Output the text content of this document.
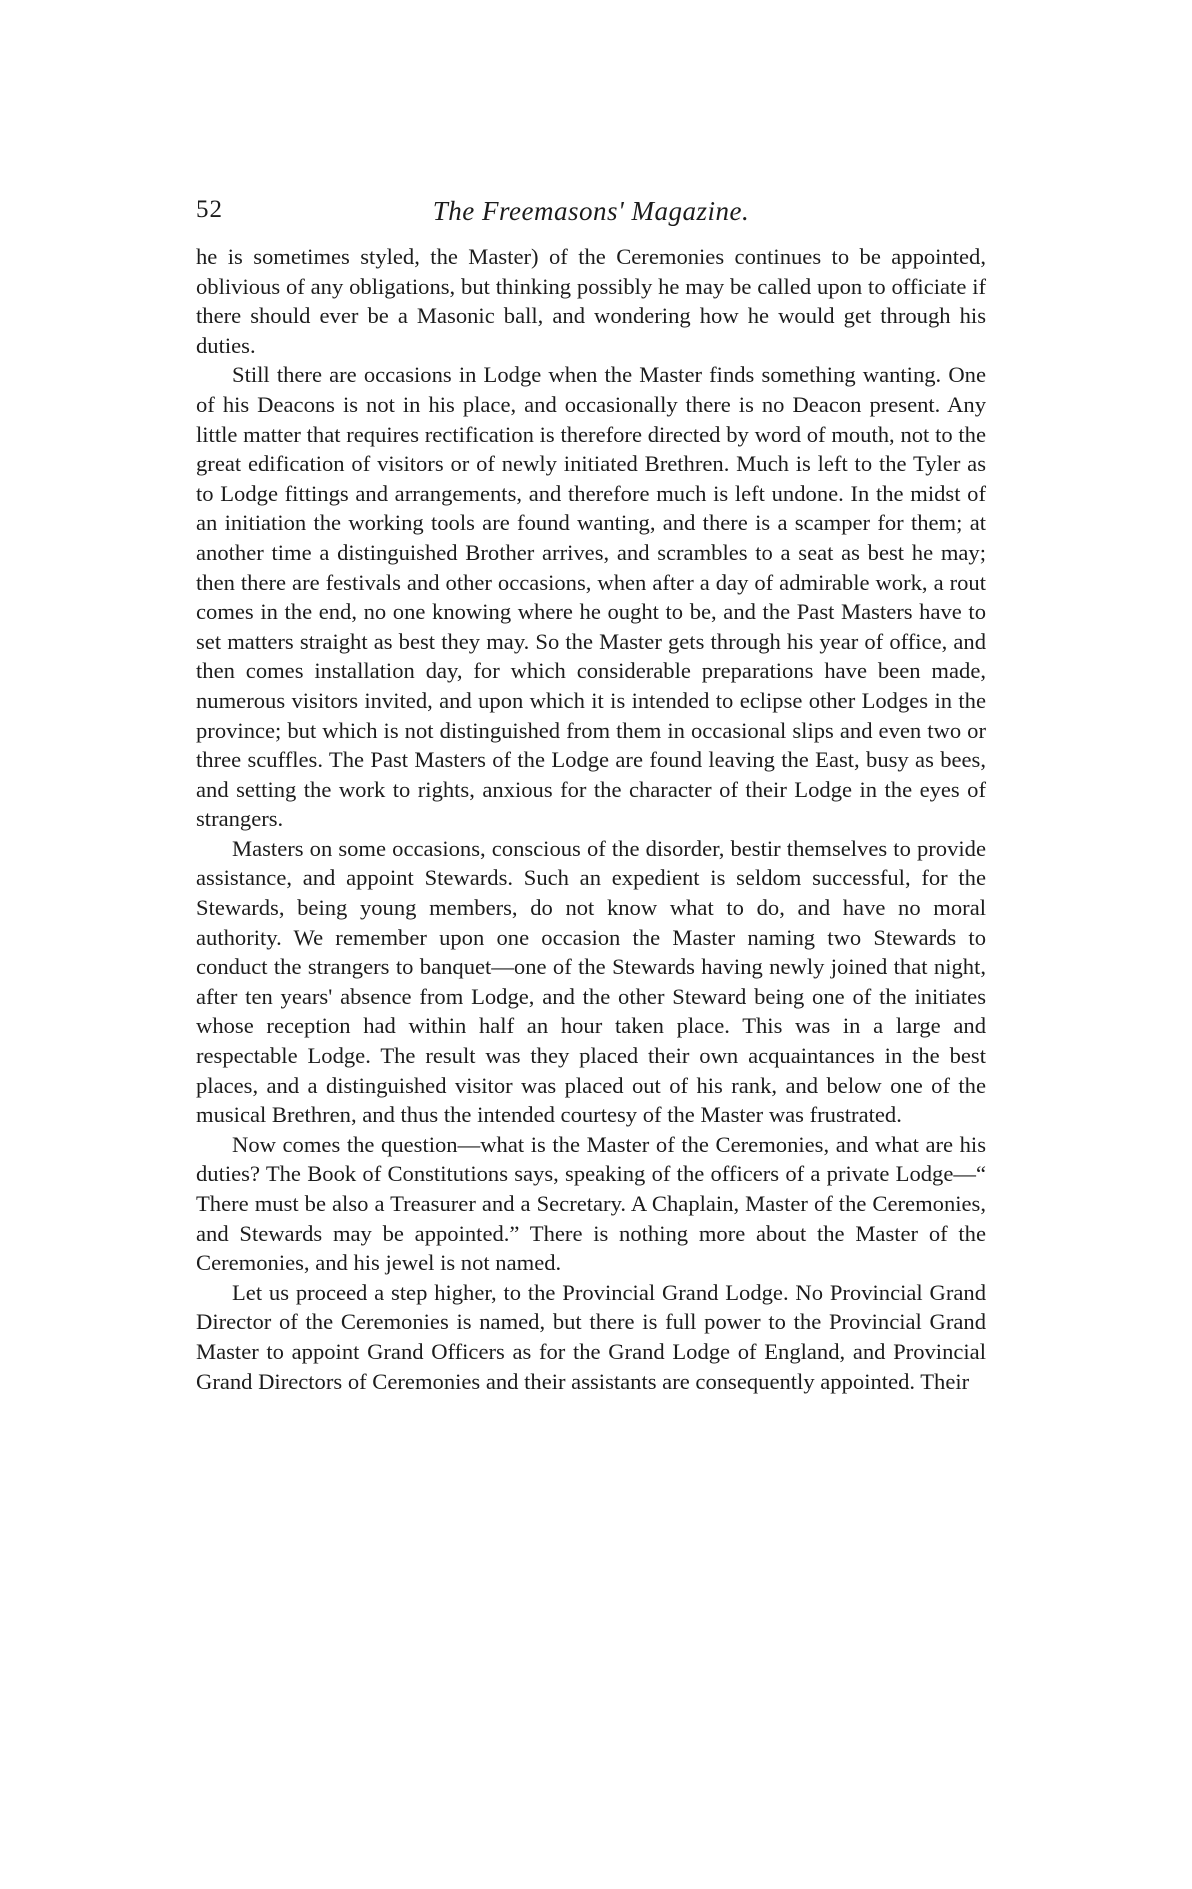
52	The Freemasons' Magazine.

he is sometimes styled, the Master) of the Ceremonies continues to be appointed, oblivious of any obligations, but thinking possibly he may be called upon to officiate if there should ever be a Masonic ball, and wondering how he would get through his duties.

Still there are occasions in Lodge when the Master finds something wanting. One of his Deacons is not in his place, and occasionally there is no Deacon present. Any little matter that requires rectification is therefore directed by word of mouth, not to the great edification of visitors or of newly initiated Brethren. Much is left to the Tyler as to Lodge fittings and arrangements, and therefore much is left undone. In the midst of an initiation the working tools are found wanting, and there is a scamper for them; at another time a distinguished Brother arrives, and scrambles to a seat as best he may; then there are festivals and other occasions, when after a day of admirable work, a rout comes in the end, no one knowing where he ought to be, and the Past Masters have to set matters straight as best they may. So the Master gets through his year of office, and then comes installation day, for which considerable preparations have been made, numerous visitors invited, and upon which it is intended to eclipse other Lodges in the province; but which is not distinguished from them in occasional slips and even two or three scuffles. The Past Masters of the Lodge are found leaving the East, busy as bees, and setting the work to rights, anxious for the character of their Lodge in the eyes of strangers.

Masters on some occasions, conscious of the disorder, bestir themselves to provide assistance, and appoint Stewards. Such an expedient is seldom successful, for the Stewards, being young members, do not know what to do, and have no moral authority. We remember upon one occasion the Master naming two Stewards to conduct the strangers to banquet—one of the Stewards having newly joined that night, after ten years' absence from Lodge, and the other Steward being one of the initiates whose reception had within half an hour taken place. This was in a large and respectable Lodge. The result was they placed their own acquaintances in the best places, and a distinguished visitor was placed out of his rank, and below one of the musical Brethren, and thus the intended courtesy of the Master was frustrated.

Now comes the question—what is the Master of the Ceremonies, and what are his duties? The Book of Constitutions says, speaking of the officers of a private Lodge—“ There must be also a Treasurer and a Secretary. A Chaplain, Master of the Ceremonies, and Stewards may be appointed.” There is nothing more about the Master of the Ceremonies, and his jewel is not named.

Let us proceed a step higher, to the Provincial Grand Lodge. No Provincial Grand Director of the Ceremonies is named, but there is full power to the Provincial Grand Master to appoint Grand Officers as for the Grand Lodge of England, and Provincial Grand Directors of Ceremonies and their assistants are consequently appointed. Their
